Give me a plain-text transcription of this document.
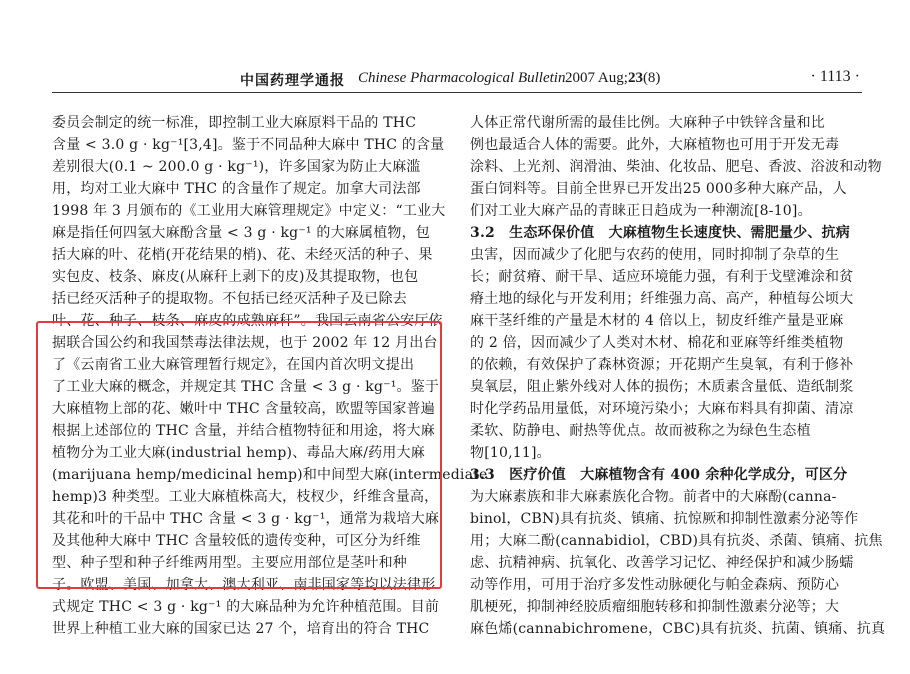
中国药理学通报 Chinese Pharmacological Bulletin 2007 Aug;23(8)	· 1113 ·
委员会制定的统一标准，即控制工业大麻原料干品的 THC
含量 < 3.0 g · kg⁻¹[3,4]。鉴于不同品种大麻中 THC 的含量
差别很大(0.1 ~ 200.0 g · kg⁻¹)，许多国家为防止大麻滥
用，均对工业大麻中 THC 的含量作了规定。加拿大司法部
1998 年 3 月颁布的《工业用大麻管理规定》中定义：“工业大
麻是指任何四氢大麻酚含量 < 3 g · kg⁻¹ 的大麻属植物，包
括大麻的叶、花梢(开花结果的梢)、花、未经灭活的种子、果
实包皮、枝条、麻皮(从麻秆上剥下的皮)及其提取物，也包
括已经灭活种子的提取物。不包括已经灭活种子及已除去
叶、花、种子、枝条、麻皮的成熟麻秆”。我国云南省公安厅依
据联合国公约和我国禁毒法律法规，也于 2002 年 12 月出台
了《云南省工业大麻管理暂行规定》，在国内首次明文提出
了工业大麻的概念，并规定其 THC 含量 < 3 g · kg⁻¹。鉴于
大麻植物上部的花、嫩叶中 THC 含量较高，欧盟等国家普遍
根据上述部位的 THC 含量，并结合植物特征和用途，将大麻
植物分为工业大麻(industrial hemp)、毒品大麻/药用大麻
(marijuana hemp/medicinal hemp)和中间型大麻(intermediate
hemp)3 种类型。工业大麻植株高大，枝杈少，纤维含量高，
其花和叶的干品中 THC 含量 < 3 g · kg⁻¹，通常为栽培大麻
及其他种大麻中 THC 含量较低的遗传变种，可区分为纤维
型、种子型和种子纤维两用型。主要应用部位是茎叶和种
子。欧盟、美国、加拿大、澳大利亚、南非国家等均以法律形
式规定 THC < 3 g · kg⁻¹ 的大麻品种为允许种植范围。目前
世界上种植工业大麻的国家已达 27 个，培育出的符合 THC
人体正常代谢所需的最佳比例。大麻种子中铁锌含量和比
例也最适合人体的需要。此外，大麻植物也可用于开发无毒
涂料、上光剂、润滑油、柴油、化妆品、肥皂、香波、浴波和动物
蛋白饲料等。目前全世界已开发出25 000多种大麻产品，人
们对工业大麻产品的青睐正日趋成为一种潮流[8-10]。
3.2　生态环保价值　大麻植物生长速度快、需肥量少、抗病
虫害，因而减少了化肥与农药的使用，同时抑制了杂草的生
长；耐贫瘠、耐干旱、适应环境能力强，有利于戈壁滩涂和贫
瘠土地的绿化与开发利用；纤维强力高、高产，种植每公顷大
麻干茎纤维的产量是木材的 4 倍以上，韧皮纤维产量是亚麻
的 2 倍，因而减少了人类对木材、棉花和亚麻等纤维类植物
的依赖，有效保护了森林资源；开花期产生臭氧，有利于修补
臭氧层，阻止紫外线对人体的损伤；木质素含量低、造纸制浆
时化学药品用量低，对环境污染小；大麻布料具有抑菌、清凉
柔软、防静电、耐热等优点。故而被称之为绿色生态植
物[10,11]。
3.3　医疗价值　大麻植物含有 400 余种化学成分，可区分
为大麻素族和非大麻素族化合物。前者中的大麻酚(canna-
binol，CBN)具有抗炎、镇痛、抗惊厥和抑制性激素分泌等作
用；大麻二酚(cannabidiol，CBD)具有抗炎、杀菌、镇痛、抗焦
虑、抗精神病、抗氧化、改善学习记忆、神经保护和减少肠蠕
动等作用，可用于治疗多发性动脉硬化与帕金森病、预防心
肌梗死，抑制神经胶质瘤细胞转移和抑制性激素分泌等；大
麻色烯(cannabichromene，CBC)具有抗炎、抗菌、镇痛、抗真
